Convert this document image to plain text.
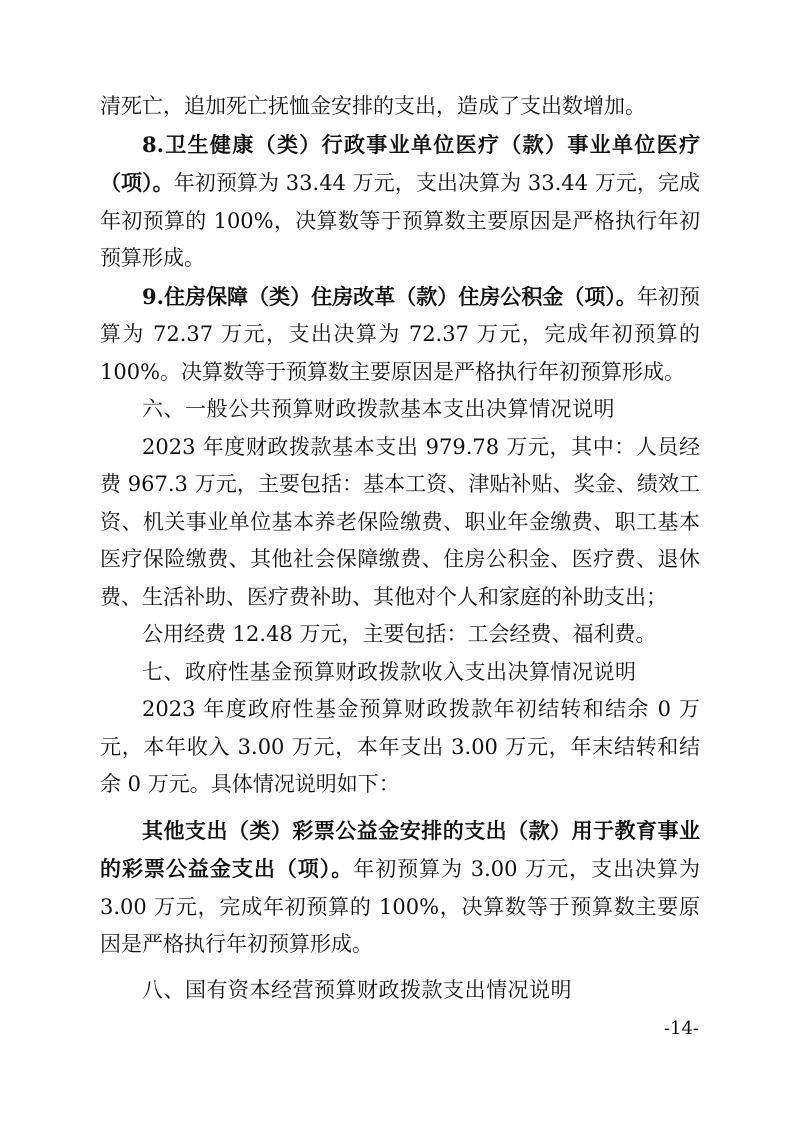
清死亡，追加死亡抚恤金安排的支出，造成了支出数增加。

8.卫生健康（类）行政事业单位医疗（款）事业单位医疗（项）。年初预算为 33.44 万元，支出决算为 33.44 万元，完成年初预算的 100%，决算数等于预算数主要原因是严格执行年初预算形成。

9.住房保障（类）住房改革（款）住房公积金（项）。年初预算为 72.37 万元，支出决算为 72.37 万元，完成年初预算的 100%。决算数等于预算数主要原因是严格执行年初预算形成。

六、一般公共预算财政拨款基本支出决算情况说明

2023 年度财政拨款基本支出 979.78 万元，其中：人员经费 967.3 万元，主要包括：基本工资、津贴补贴、奖金、绩效工资、机关事业单位基本养老保险缴费、职业年金缴费、职工基本医疗保险缴费、其他社会保障缴费、住房公积金、医疗费、退休费、生活补助、医疗费补助、其他对个人和家庭的补助支出；

公用经费 12.48 万元，主要包括：工会经费、福利费。

七、政府性基金预算财政拨款收入支出决算情况说明

2023 年度政府性基金预算财政拨款年初结转和结余 0 万元，本年收入 3.00 万元，本年支出 3.00 万元，年末结转和结余 0 万元。具体情况说明如下：

其他支出（类）彩票公益金安排的支出（款）用于教育事业的彩票公益金支出（项）。年初预算为 3.00 万元，支出决算为 3.00 万元，完成年初预算的 100%，决算数等于预算数主要原因是严格执行年初预算形成。

八、国有资本经营预算财政拨款支出情况说明

-14-
